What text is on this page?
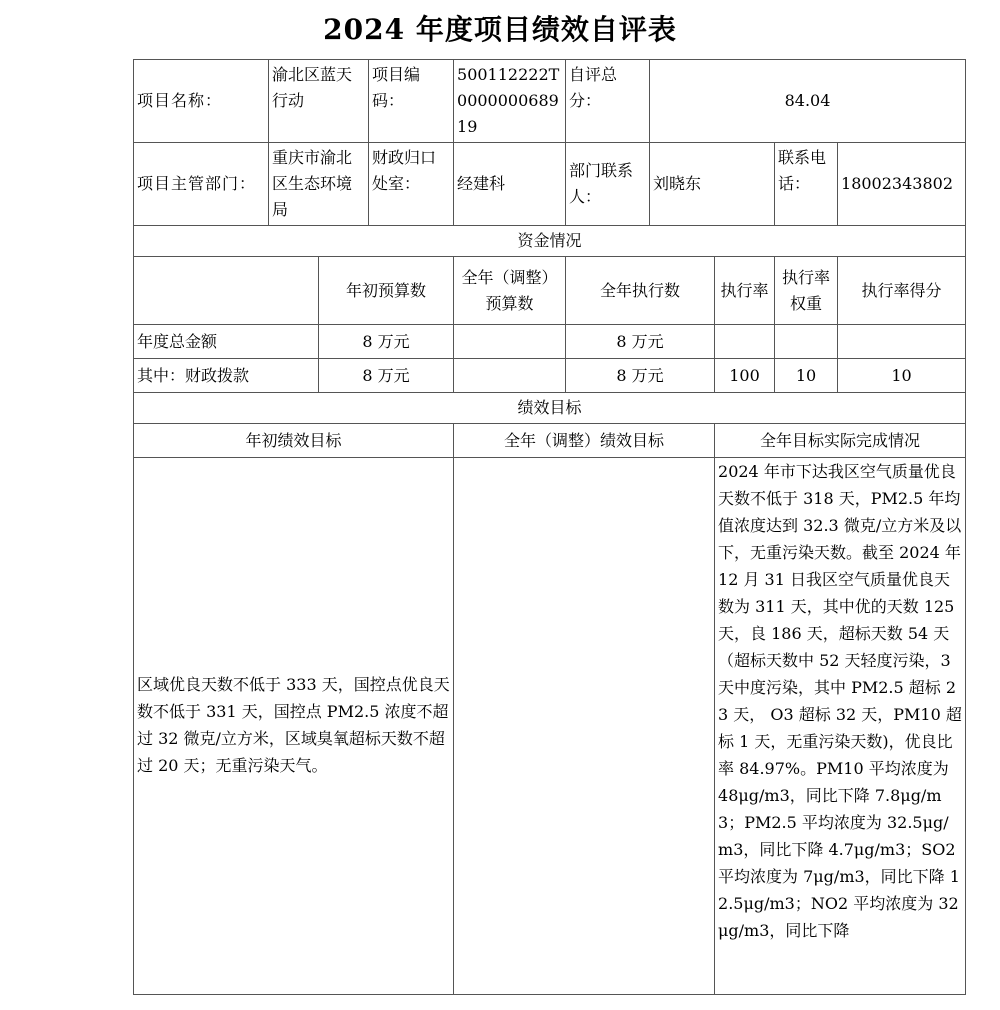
2024 年度项目绩效自评表
项目名称：	渝北区蓝天行动		项目编码：	500112222T000000068919	自评总分：	84.04			
项目主管部门：	重庆市渝北区生态环境局		财政归口处室：	经建科	部门联系人：	刘晓东		联系电话：	18002343802
资金情况									
		年初预算数		全年（调整）预算数	全年执行数		执行率	执行率权重	执行率得分
年度总金额		8 万元			8 万元				
其中：财政拨款		8 万元			8 万元		100	10	10
绩效目标									
年初绩效目标				全年（调整）绩效目标			全年目标实际完成情况		
区域优良天数不低于 333 天，国控点优良天数不低于 331 天，国控点 PM2.5 浓度不超过 32 微克/立方米，区域臭氧超标天数不超过 20 天；无重污染天气。							2024 年市下达我区空气质量优良天数不低于 318 天，PM2.5 年均值浓度达到 32.3 微克/立方米及以下，无重污染天数。截至 2024 年 12 月 31 日我区空气质量优良天数为 311 天，其中优的天数 125 天，良 186 天，超标天数 54 天（超标天数中 52 天轻度污染，3 天中度污染，其中 PM2.5 超标 23 天， O3 超标 32 天，PM10 超标 1 天，无重污染天数)，优良比率 84.97%。PM10 平均浓度为 48μg/m3，同比下降 7.8μg/m3；PM2.5 平均浓度为 32.5μg/m3，同比下降 4.7μg/m3；SO2 平均浓度为 7μg/m3，同比下降 12.5μg/m3；NO2 平均浓度为 32μg/m3，同比下降		
